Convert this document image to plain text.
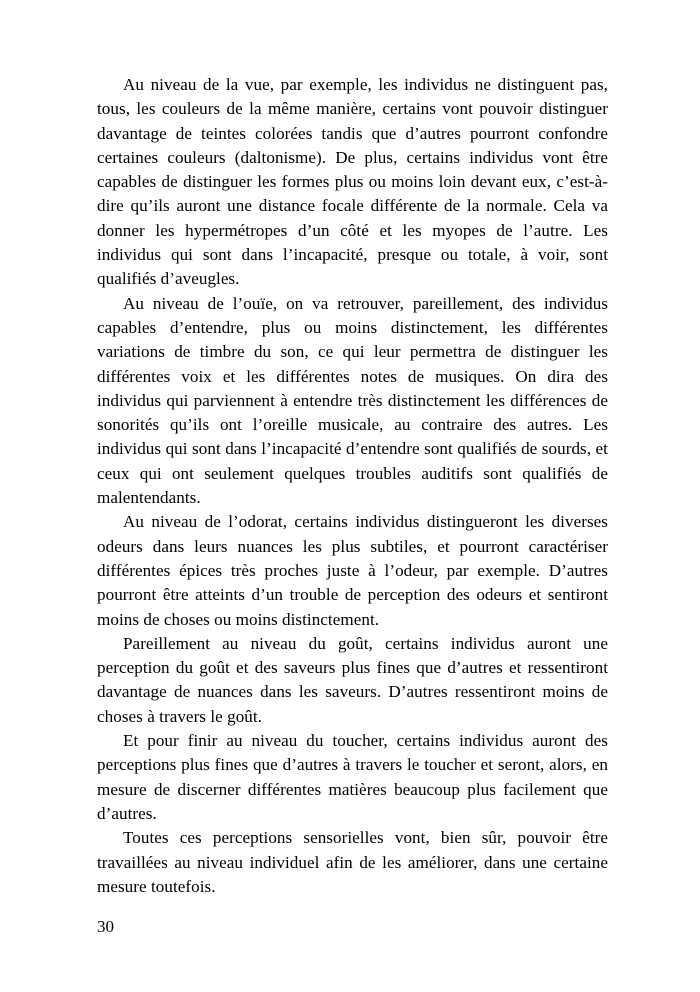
Au niveau de la vue, par exemple, les individus ne distinguent pas, tous, les couleurs de la même manière, certains vont pouvoir distinguer davantage de teintes colorées tandis que d’autres pourront confondre certaines couleurs (daltonisme). De plus, certains individus vont être capables de distinguer les formes plus ou moins loin devant eux, c’est-à-dire qu’ils auront une distance focale différente de la normale. Cela va donner les hypermétropes d’un côté et les myopes de l’autre. Les individus qui sont dans l’incapacité, presque ou totale, à voir, sont qualifiés d’aveugles.

Au niveau de l’ouïe, on va retrouver, pareillement, des individus capables d’entendre, plus ou moins distinctement, les différentes variations de timbre du son, ce qui leur permettra de distinguer les différentes voix et les différentes notes de musiques. On dira des individus qui parviennent à entendre très distinctement les différences de sonorités qu’ils ont l’oreille musicale, au contraire des autres. Les individus qui sont dans l’incapacité d’entendre sont qualifiés de sourds, et ceux qui ont seulement quelques troubles auditifs sont qualifiés de malentendants.

Au niveau de l’odorat, certains individus distingueront les diverses odeurs dans leurs nuances les plus subtiles, et pourront caractériser différentes épices très proches juste à l’odeur, par exemple. D’autres pourront être atteints d’un trouble de perception des odeurs et sentiront moins de choses ou moins distinctement.

Pareillement au niveau du goût, certains individus auront une perception du goût et des saveurs plus fines que d’autres et ressentiront davantage de nuances dans les saveurs. D’autres ressentiront moins de choses à travers le goût.

Et pour finir au niveau du toucher, certains individus auront des perceptions plus fines que d’autres à travers le toucher et seront, alors, en mesure de discerner différentes matières beaucoup plus facilement que d’autres.

Toutes ces perceptions sensorielles vont, bien sûr, pouvoir être travaillées au niveau individuel afin de les améliorer, dans une certaine mesure toutefois.

30
